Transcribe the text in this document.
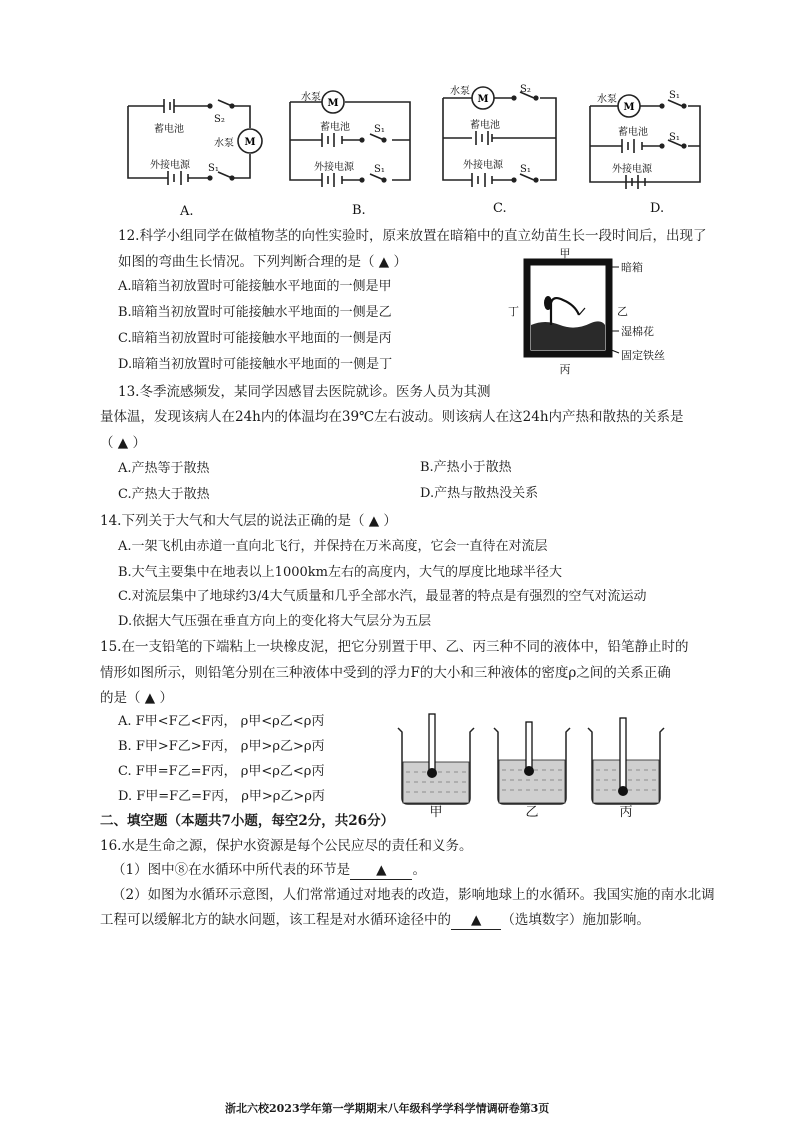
蓄电池
外接电源
水泵
S₂
S₁
水泵
蓄电池
外接电源
S₁
S₁
水泵
蓄电池
外接电源
S₂
S₁
水泵
蓄电池
外接电源
S₁
S₁
M
M	M
M
A.	B.	C.	D.
12.科学小组同学在做植物茎的向性实验时，原来放置在暗箱中的直立幼苗生长一段时间后，出现了
如图的弯曲生长情况。下列判断合理的是（ ▲ ）
A.暗箱当初放置时可能接触水平地面的一侧是甲
B.暗箱当初放置时可能接触水平地面的一侧是乙
C.暗箱当初放置时可能接触水平地面的一侧是丙
D.暗箱当初放置时可能接触水平地面的一侧是丁
甲
丁	乙
丙
暗箱
湿棉花
固定铁丝
13.冬季流感频发，某同学因感冒去医院就诊。医务人员为其测
量体温，发现该病人在24h内的体温均在39℃左右波动。则该病人在这24h内产热和散热的关系是
（ ▲ ）
A.产热等于散热	B.产热小于散热
C.产热大于散热	D.产热与散热没关系
14.下列关于大气和大气层的说法正确的是（ ▲ ）
A.一架飞机由赤道一直向北飞行，并保持在万米高度，它会一直待在对流层
B.大气主要集中在地表以上1000km左右的高度内，大气的厚度比地球半径大
C.对流层集中了地球约3/4大气质量和几乎全部水汽，最显著的特点是有强烈的空气对流运动
D.依据大气压强在垂直方向上的变化将大气层分为五层
15.在一支铅笔的下端粘上一块橡皮泥，把它分别置于甲、乙、丙三种不同的液体中，铅笔静止时的
情形如图所示，则铅笔分别在三种液体中受到的浮力F的大小和三种液体的密度ρ之间的关系正确
的是（ ▲ ）
A. F甲<F乙<F丙， ρ甲<ρ乙<ρ丙
B. F甲>F乙>F丙， ρ甲>ρ乙>ρ丙
C. F甲=F乙=F丙， ρ甲<ρ乙<ρ丙
D. F甲=F乙=F丙， ρ甲>ρ乙>ρ丙
甲	乙	丙
二、填空题（本题共7小题，每空2分，共26分）
16.水是生命之源，保护水资源是每个公民应尽的责任和义务。
（1）图中⑧在水循环中所代表的环节是 ▲ 。
（2）如图为水循环示意图，人们常常通过对地表的改造，影响地球上的水循环。我国实施的南水北调
工程可以缓解北方的缺水问题，该工程是对水循环途径中的 ▲ （选填数字）施加影响。
浙北六校2023学年第一学期期末八年级科学学科学情调研卷第3页
